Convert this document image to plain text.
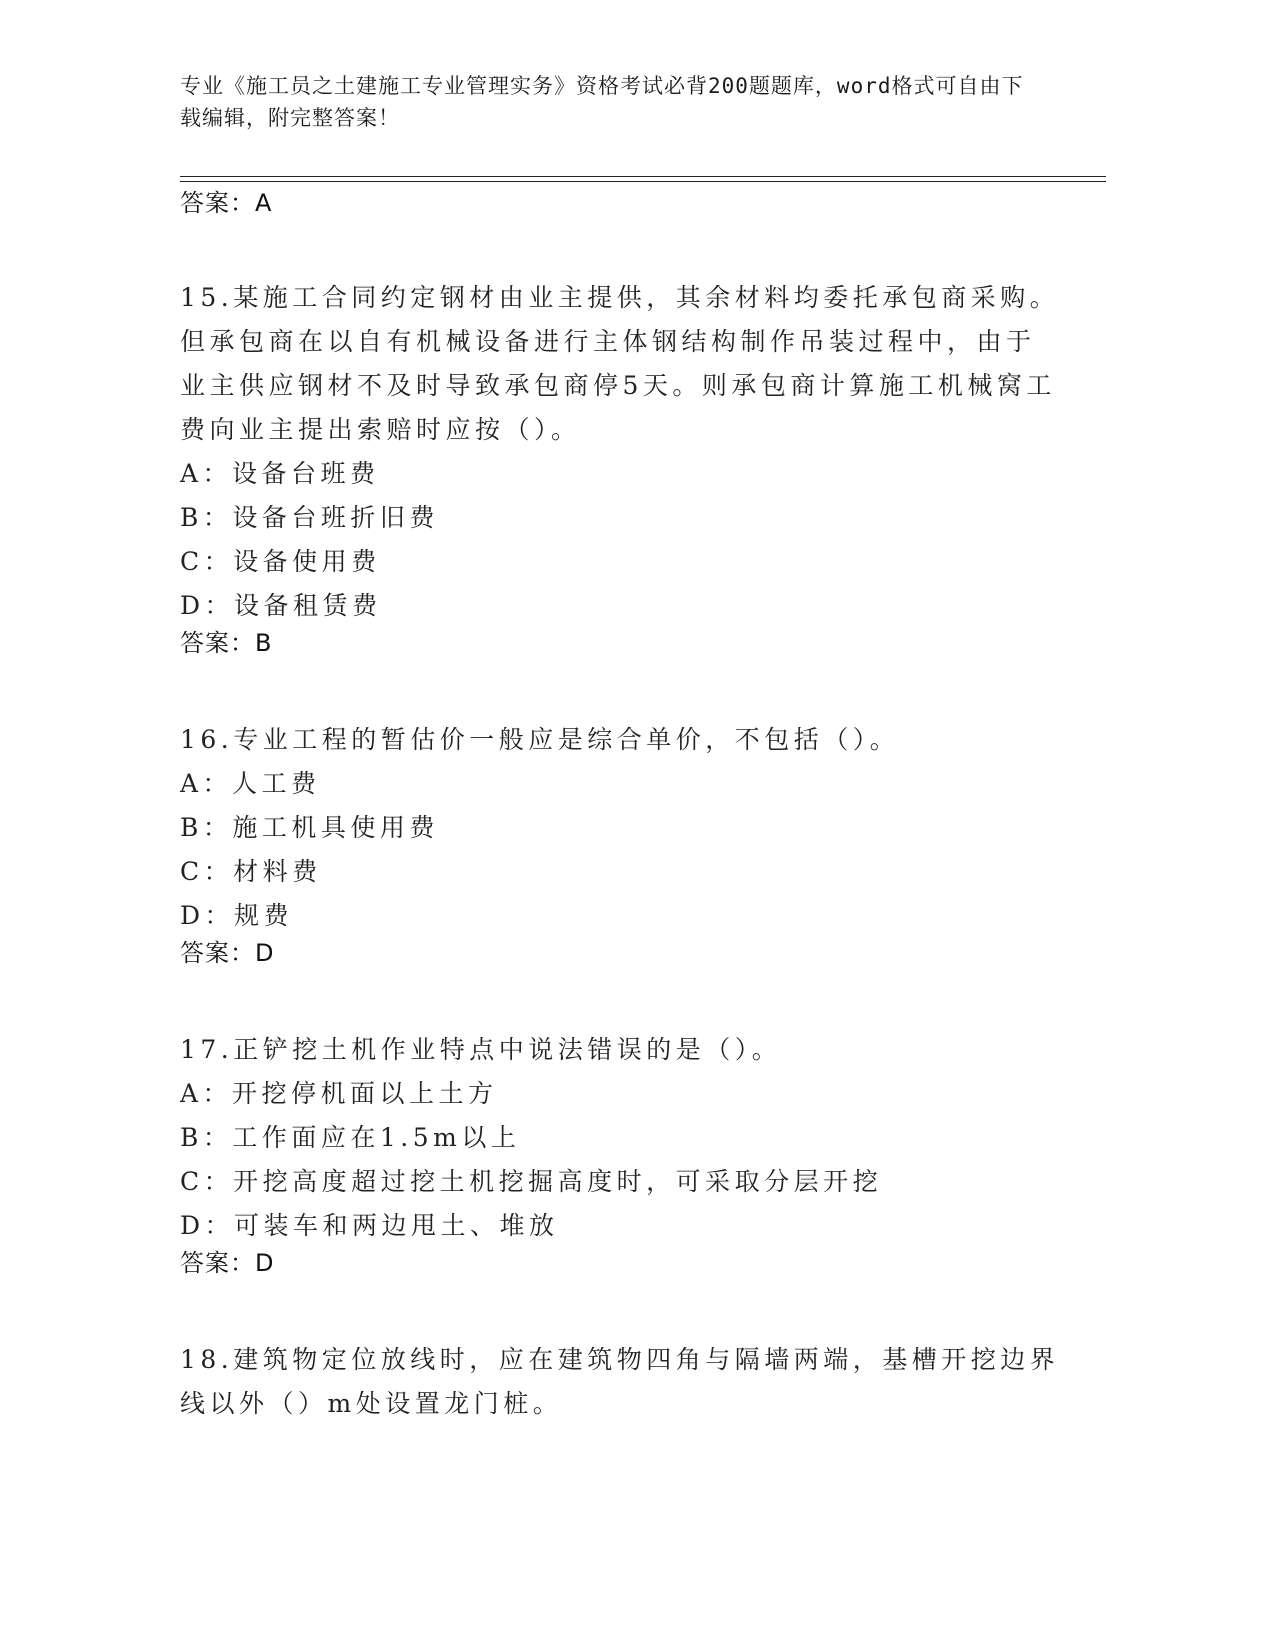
专业《施工员之土建施工专业管理实务》资格考试必背200题题库，word格式可自由下载编辑，附完整答案！

答案：A

15.某施工合同约定钢材由业主提供，其余材料均委托承包商采购。但承包商在以自有机械设备进行主体钢结构制作吊装过程中，由于业主供应钢材不及时导致承包商停5天。则承包商计算施工机械窝工费向业主提出索赔时应按（）。

A：设备台班费

B：设备台班折旧费

C：设备使用费

D：设备租赁费

答案：B

16.专业工程的暂估价一般应是综合单价，不包括（）。

A：人工费

B：施工机具使用费

C：材料费

D：规费

答案：D

17.正铲挖土机作业特点中说法错误的是（）。

A：开挖停机面以上土方

B：工作面应在1.5m以上

C：开挖高度超过挖土机挖掘高度时，可采取分层开挖

D：可装车和两边甩土、堆放

答案：D

18.建筑物定位放线时，应在建筑物四角与隔墙两端，基槽开挖边界线以外（）m处设置龙门桩。
